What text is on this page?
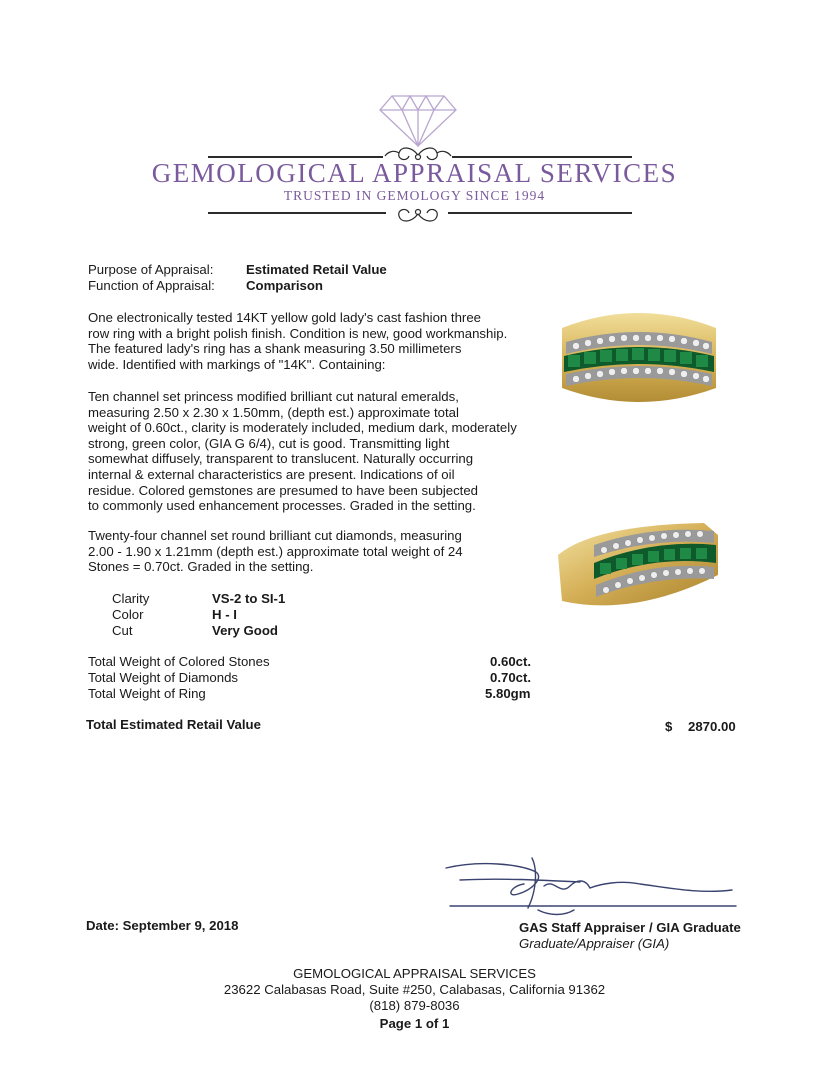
GEMOLOGICAL APPRAISAL SERVICES
TRUSTED IN GEMOLOGY SINCE 1994
Purpose of Appraisal: Estimated Retail Value
Function of Appraisal: Comparison
One electronically tested 14KT yellow gold lady's cast fashion three
row ring with a bright polish finish. Condition is new, good workmanship.
The featured lady's ring has a shank measuring 3.50 millimeters
wide. Identified with markings of "14K". Containing:
Ten channel set princess modified brilliant cut natural emeralds,
measuring 2.50 x 2.30 x 1.50mm, (depth est.) approximate total
weight of 0.60ct., clarity is moderately included, medium dark, moderately
strong, green color, (GIA G 6/4), cut is good. Transmitting light
somewhat diffusely, transparent to translucent. Naturally occurring
internal & external characteristics are present. Indications of oil
residue. Colored gemstones are presumed to have been subjected
to commonly used enhancement processes. Graded in the setting.
Twenty-four channel set round brilliant cut diamonds, measuring
2.00 - 1.90 x 1.21mm (depth est.) approximate total weight of 24
Stones = 0.70ct. Graded in the setting.
Clarity	VS-2 to SI-1
Color	H - I
Cut	Very Good
Total Weight of Colored Stones	0.60ct.
Total Weight of Diamonds	0.70ct.
Total Weight of Ring	5.80gm
Total Estimated Retail Value	$ 2870.00
Date: September 9, 2018	GAS Staff Appraiser / GIA Graduate
Graduate/Appraiser (GIA)
GEMOLOGICAL APPRAISAL SERVICES
23622 Calabasas Road, Suite #250, Calabasas, California 91362
(818) 879-8036
Page 1 of 1
